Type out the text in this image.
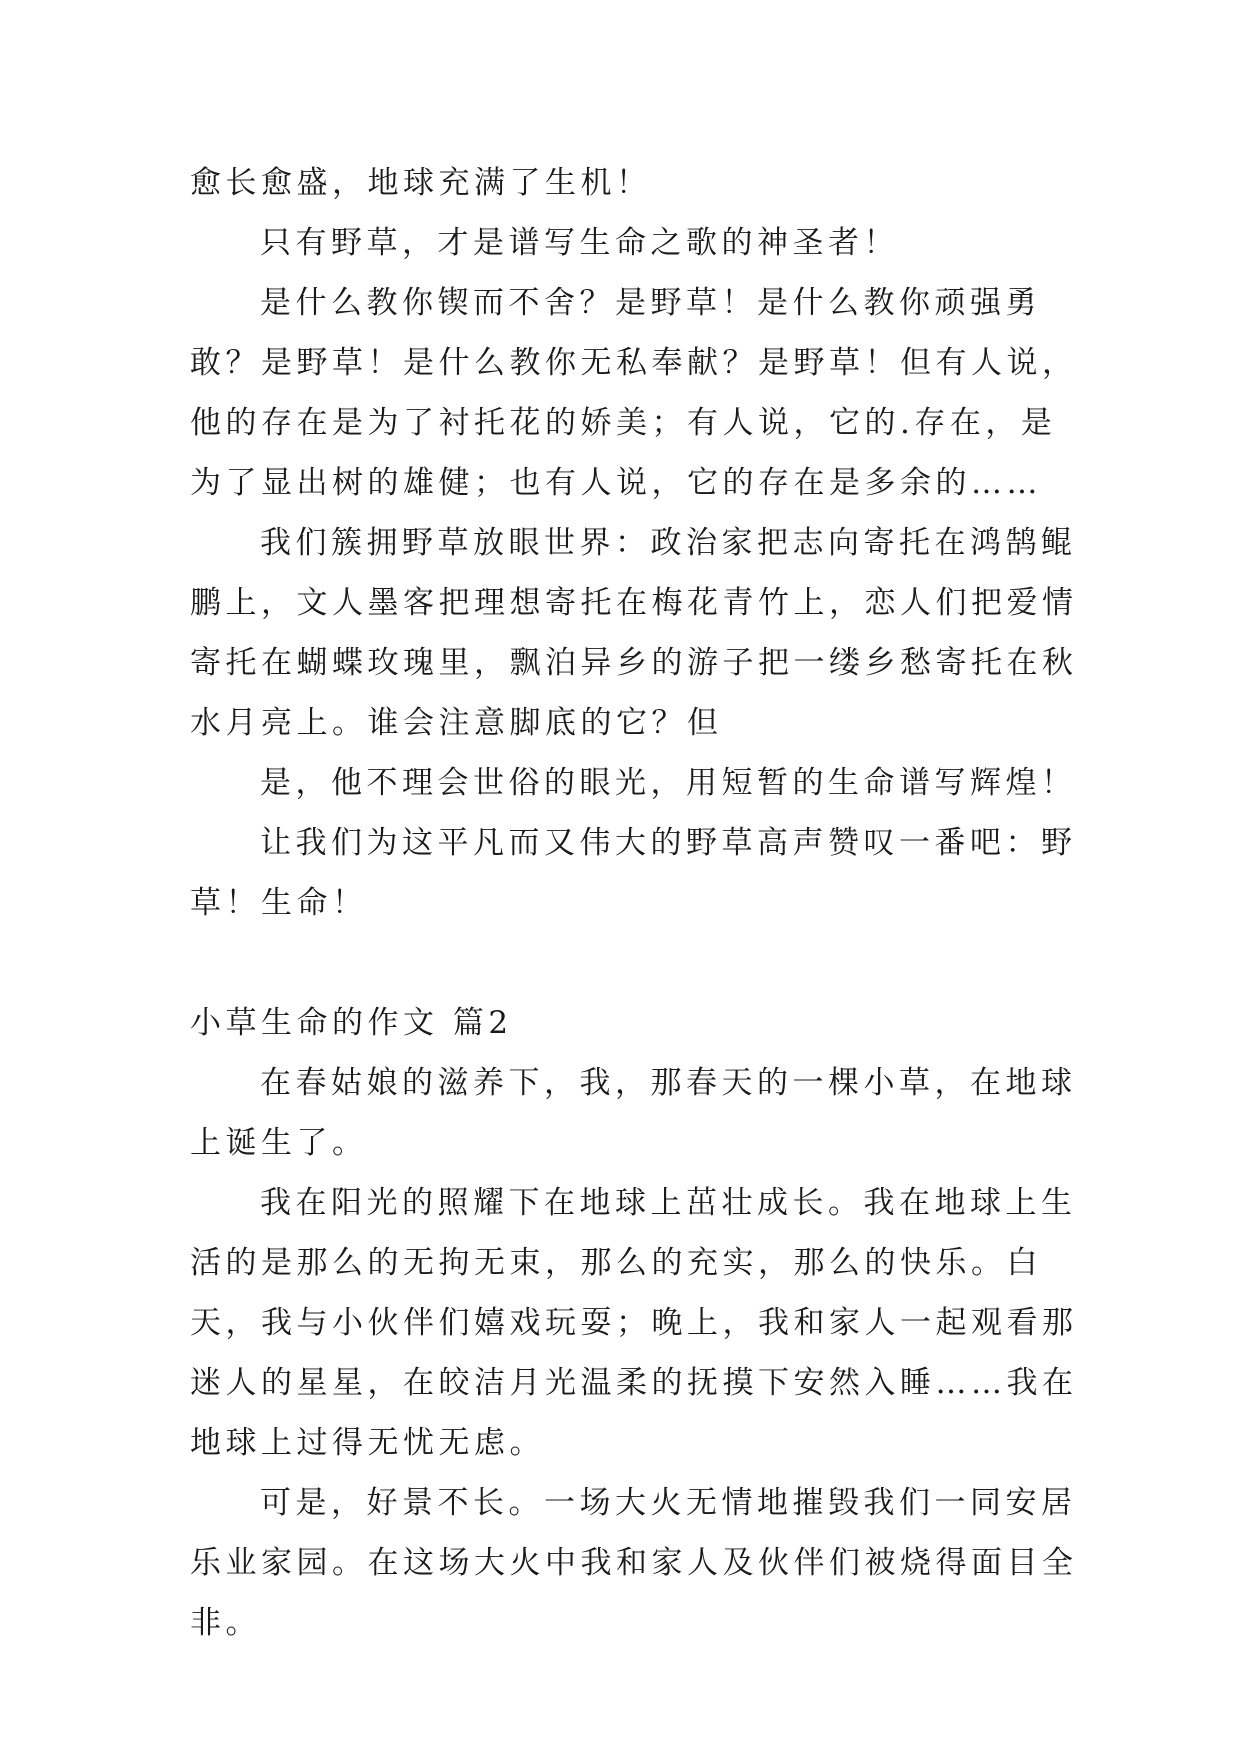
愈长愈盛，地球充满了生机！

只有野草，才是谱写生命之歌的神圣者！

是什么教你锲而不舍？是野草！是什么教你顽强勇敢？是野草！是什么教你无私奉献？是野草！但有人说，他的存在是为了衬托花的娇美；有人说，它的.存在，是为了显出树的雄健；也有人说，它的存在是多余的……

我们簇拥野草放眼世界：政治家把志向寄托在鸿鹄鲲鹏上，文人墨客把理想寄托在梅花青竹上，恋人们把爱情寄托在蝴蝶玫瑰里，飘泊异乡的游子把一缕乡愁寄托在秋水月亮上。谁会注意脚底的它？但

是，他不理会世俗的眼光，用短暂的生命谱写辉煌！

让我们为这平凡而又伟大的野草高声赞叹一番吧：野草！生命！

小草生命的作文 篇2

在春姑娘的滋养下，我，那春天的一棵小草，在地球上诞生了。

我在阳光的照耀下在地球上茁壮成长。我在地球上生活的是那么的无拘无束，那么的充实，那么的快乐。白天，我与小伙伴们嬉戏玩耍；晚上，我和家人一起观看那迷人的星星，在皎洁月光温柔的抚摸下安然入睡……我在地球上过得无忧无虑。

可是，好景不长。一场大火无情地摧毁我们一同安居乐业家园。在这场大火中我和家人及伙伴们被烧得面目全非。
